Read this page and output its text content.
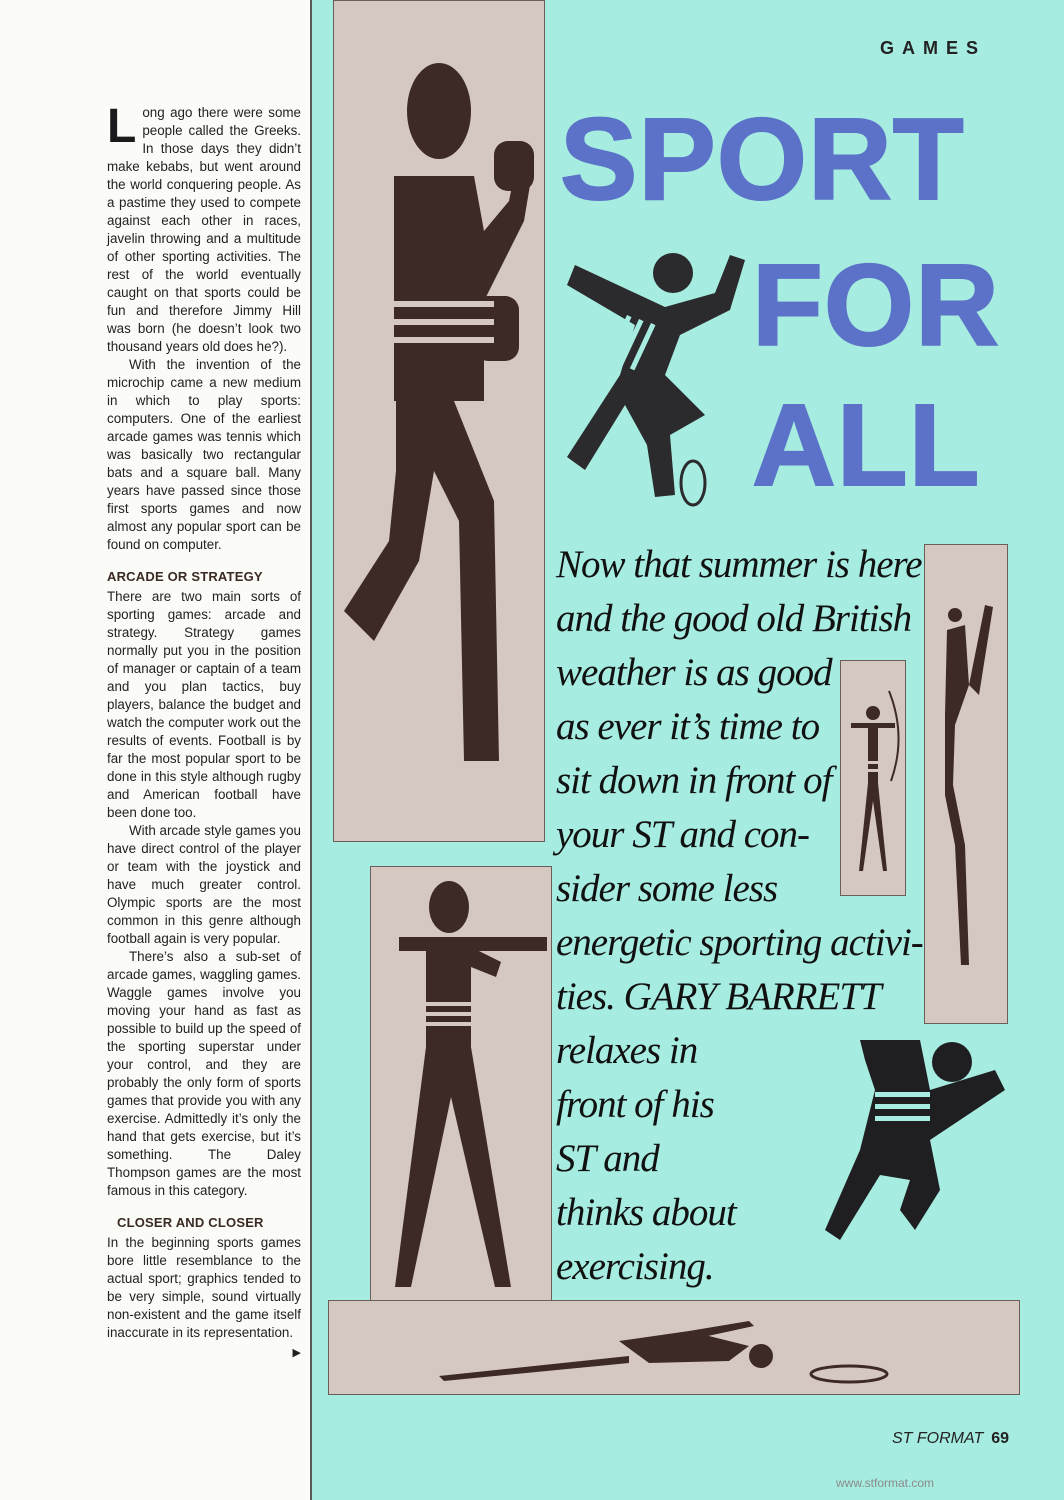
Long ago there were some people called the Greeks. In those days they didn’t make kebabs, but went around the world conquering people. As a pastime they used to compete against each other in races, javelin throwing and a multitude of other sporting activities. The rest of the world eventually caught on that sports could be fun and therefore Jimmy Hill was born (he doesn’t look two thousand years old does he?).

With the invention of the microchip came a new medium in which to play sports: computers. One of the earliest arcade games was tennis which was basically two rectangular bats and a square ball. Many years have passed since those first sports games and now almost any popular sport can be found on computer.

ARCADE OR STRATEGY

There are two main sorts of sporting games: arcade and strategy. Strategy games normally put you in the position of manager or captain of a team and you plan tactics, buy players, balance the budget and watch the computer work out the results of events. Football is by far the most popular sport to be done in this style although rugby and American football have been done too.

With arcade style games you have direct control of the player or team with the joystick and have much greater control. Olympic sports are the most common in this genre although football again is very popular.

There’s also a sub-set of arcade games, waggling games. Waggle games involve you moving your hand as fast as possible to build up the speed of the sporting superstar under your control, and they are probably the only form of sports games that provide you with any exercise. Admittedly it’s only the hand that gets exercise, but it’s something. The Daley Thompson games are the most famous in this category.

CLOSER AND CLOSER

In the beginning sports games bore little resemblance to the actual sport; graphics tended to be very simple, sound virtually non-existent and the game itself inaccurate in its representation.
▶

GAMES
SPORT
FOR
ALL
Now that summer is here
and the good old British
weather is as good
as ever it’s time to
sit down in front of
your ST and con-
sider some less
energetic sporting activi-
ties. GARY BARRETT
relaxes in
front of his
ST and
thinks about
exercising.
ST FORMAT 69
www.stformat.com
